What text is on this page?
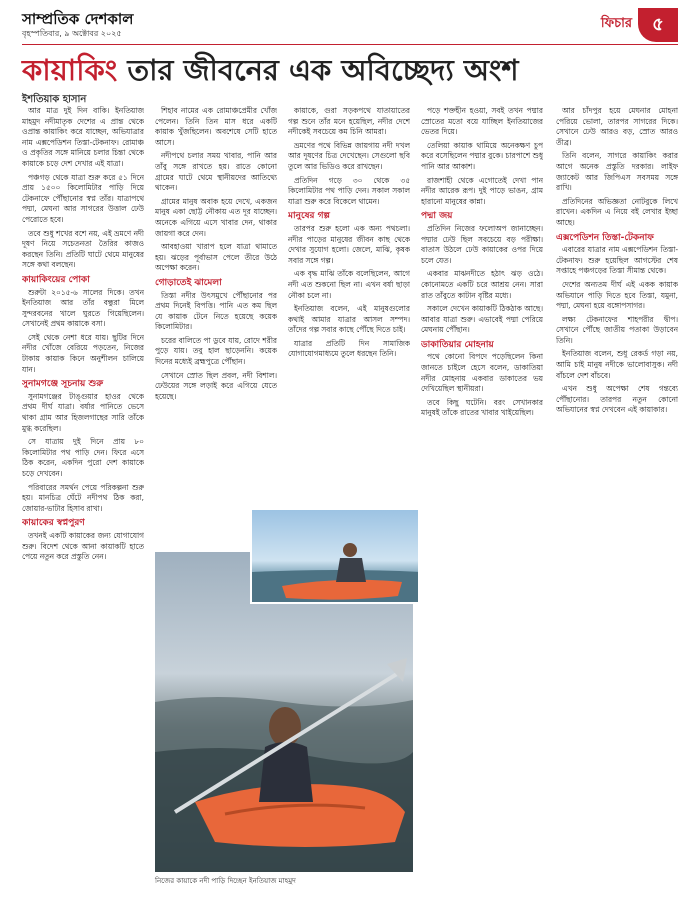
সাম্প্রতিক দেশকাল
বৃহস্পতিবার, ৯ অক্টোবর ২০২৫
ফিচার	৫
কায়াকিং তার জীবনের এক অবিচ্ছেদ্য অংশ
ইশতিয়াক হাসান

আর মাত্র দুই দিন বাকি। ইনতিয়াজ মাহমুদ নদীমাতৃক দেশের এ প্রান্ত থেকে ওপ্রান্ত কায়াকিং করে যাচ্ছেন, অভিযাত্রার নাম এক্সপেডিশন তিস্তা-টেকনাফ। রোমাঞ্চ ও প্রকৃতির সঙ্গে মানিয়ে চলার চিন্তা থেকে কায়াকে চড়ে দেশ দেখার এই যাত্রা।

পঞ্চগড় থেকে যাত্রা শুরু করে ৫১ দিনে প্রায় ১৫০০ কিলোমিটার পাড়ি দিয়ে টেকনাফে পৌঁছানোর স্বপ্ন তাঁর। যাত্রাপথে পদ্মা, মেঘনা আর সাগরের উত্তাল ঢেউ পেরোতে হবে।

তবে শুধু শখের বশে নয়, এই ভ্রমণে নদী দূষণ নিয়ে সচেতনতা তৈরির কাজও করছেন তিনি। প্রতিটি ঘাটে থেমে মানুষের সঙ্গে কথা বলছেন।

কায়াকিংয়ের পোকা

শুরুটা ২০১৫-৬ সালের দিকে। তখন ইনতিয়াজ আর তাঁর বন্ধুরা মিলে সুন্দরবনের খালে ঘুরতে গিয়েছিলেন। সেখানেই প্রথম কায়াকে বসা।

সেই থেকে নেশা ধরে যায়। ছুটির দিনে নদীর খোঁজে বেরিয়ে পড়তেন, নিজের টাকায় কায়াক কিনে অনুশীলন চালিয়ে যান।

সুনামগঞ্জে সূচনায় শুরু

সুনামগঞ্জের টাঙ্গুয়ার হাওর থেকে প্রথম দীর্ঘ যাত্রা। বর্ষার পানিতে ভেসে থাকা গ্রাম আর হিজলগাছের সারি তাঁকে মুগ্ধ করেছিল।

সে যাত্রায় দুই দিনে প্রায় ৮০ কিলোমিটার পথ পাড়ি দেন। ফিরে এসে ঠিক করেন, একদিন পুরো দেশ কায়াকে চড়ে দেখবেন।

পরিবারের সমর্থন পেয়ে পরিকল্পনা শুরু হয়। মানচিত্র ঘেঁটে নদীপথ ঠিক করা, জোয়ার-ভাটার হিসাব রাখা।

কায়াকের স্বপ্নপুরণ

তখনই একটি কায়াকের জন্য যোগাযোগ শুরু। বিদেশ থেকে আনা কায়াকটি হাতে পেয়ে নতুন করে প্রস্তুতি নেন।

শিহাব নামের এক রোমাঞ্চপ্রেমীর খোঁজ পেলেন। তিনি তিন মাস ধরে একটি কায়াক খুঁজছিলেন। অবশেষে সেটি হাতে আসে।

নদীপথে চলার সময় খাবার, পানি আর তাঁবু সঙ্গে রাখতে হয়। রাতে কোনো গ্রামের ঘাটে থেমে স্থানীয়দের আতিথ্যে থাকেন।

গ্রামের মানুষ অবাক হয়ে দেখে, একজন মানুষ একা ছোট্ট নৌকায় এত দূর যাচ্ছেন। অনেকে এগিয়ে এসে খাবার দেন, থাকার জায়গা করে দেন।

আবহাওয়া খারাপ হলে যাত্রা থামাতে হয়। ঝড়ের পূর্বাভাস পেলে তীরে উঠে অপেক্ষা করেন।

গোড়াতেই ঝামেলা

তিস্তা নদীর উৎসমুখে পৌঁছানোর পর প্রথম দিনেই বিপত্তি। পানি এত কম ছিল যে কায়াক টেনে নিতে হয়েছে কয়েক কিলোমিটার।

চরের বালিতে পা ডুবে যায়, রোদে শরীর পুড়ে যায়। তবু হাল ছাড়েননি। কয়েক দিনের মধ্যেই ব্রহ্মপুত্রে পৌঁছান।

সেখানে স্রোত ছিল প্রবল, নদী বিশাল। ঢেউয়ের সঙ্গে লড়াই করে এগিয়ে যেতে হয়েছে।

কায়াকে, গুরা সড়কপথে যাতায়াতের গল্প শুনে তাঁর মনে হয়েছিল, নদীর দেশে নদীকেই সবচেয়ে কম চিনি আমরা।

ভ্রমণের পথে বিভিন্ন জায়গায় নদী দখল আর দূষণের চিত্র দেখেছেন। সেগুলো ছবি তুলে আর ভিডিও করে রাখছেন।

প্রতিদিন গড়ে ৩০ থেকে ৩৫ কিলোমিটার পথ পাড়ি দেন। সকাল সকাল যাত্রা শুরু করে বিকেলে থামেন।

মানুষের গল্প

তারপর শুরু হলো এক অন্য পথচলা। নদীর পাড়ের মানুষের জীবন কাছ থেকে দেখার সুযোগ হলো। জেলে, মাঝি, কৃষক সবার সঙ্গে গল্প।

এক বৃদ্ধ মাঝি তাঁকে বলেছিলেন, আগে নদী এত শুকনো ছিল না। এখন বর্ষা ছাড়া নৌকা চলে না।

ইনতিয়াজ বলেন, এই মানুষগুলোর কথাই আমার যাত্রার আসল সম্পদ। তাঁদের গল্প সবার কাছে পৌঁছে দিতে চাই।

যাত্রার প্রতিটি দিন সামাজিক যোগাযোগমাধ্যমে তুলে ধরছেন তিনি।

পড়ে শক্তহীন হওয়া, সবই তখন পদ্মার স্রোতের মতো বয়ে যাচ্ছিল ইনতিয়াজের ভেতর দিয়ে।

তেলিয়া কায়াক থামিয়ে অনেকক্ষণ চুপ করে বসেছিলেন পদ্মার বুকে। চারপাশে শুধু পানি আর আকাশ।

রাজশাহী থেকে এগোতেই দেখা পান নদীর আরেক রূপ। দুই পাড়ে ভাঙন, গ্রাম হারানো মানুষের কান্না।

পদ্মা জয়

প্রতিদিন নিজের ফলোঅপ জানাচ্ছেন। পদ্মার ঢেউ ছিল সবচেয়ে বড় পরীক্ষা। বাতাস উঠলে ঢেউ কায়াকের ওপর দিয়ে চলে যেত।

একবার মাঝনদীতে হঠাৎ ঝড় ওঠে। কোনোমতে একটি চরে আশ্রয় নেন। সারা রাত তাঁবুতে কাটান বৃষ্টির মধ্যে।

সকালে দেখেন কায়াকটি ঠিকঠাক আছে। আবার যাত্রা শুরু। এভাবেই পদ্মা পেরিয়ে মেঘনায় পৌঁছান।

ডাকাতিয়ার মোহনায়

পথে কোনো বিপদে পড়েছিলেন কিনা জানতে চাইলে হেসে বলেন, ডাকাতিয়া নদীর মোহনায় একবার ডাকাতের ভয় দেখিয়েছিল স্থানীয়রা।

তবে কিছু ঘটেনি। বরং সেখানকার মানুষই তাঁকে রাতের খাবার খাইয়েছিল।

আর চাঁদপুর হয়ে মেঘনার মোহনা পেরিয়ে ভোলা, তারপর সাগরের দিকে। সেখানে ঢেউ আরও বড়, স্রোত আরও তীব্র।

তিনি বলেন, সাগরে কায়াকিং করার আগে অনেক প্রস্তুতি দরকার। লাইফ জ্যাকেট আর জিপিএস সবসময় সঙ্গে রাখি।

প্রতিদিনের অভিজ্ঞতা নোটবুকে লিখে রাখেন। একদিন এ নিয়ে বই লেখার ইচ্ছা আছে।

এক্সপেডিশন তিস্তা-টেকনাফ

এবারের যাত্রার নাম এক্সপেডিশন তিস্তা-টেকনাফ। শুরু হয়েছিল আগস্টের শেষ সপ্তাহে পঞ্চগড়ের তিস্তা সীমান্ত থেকে।

দেশের অন্যতম দীর্ঘ এই একক কায়াক অভিযানে পাড়ি দিতে হবে তিস্তা, যমুনা, পদ্মা, মেঘনা হয়ে বঙ্গোপসাগর।

লক্ষ্য টেকনাফের শাহপরীর দ্বীপ। সেখানে পৌঁছে জাতীয় পতাকা উড়াবেন তিনি।

ইনতিয়াজ বলেন, শুধু রেকর্ড গড়া নয়, আমি চাই মানুষ নদীকে ভালোবাসুক। নদী বাঁচলে দেশ বাঁচবে।

এখন শুধু অপেক্ষা শেষ গন্তব্যে পৌঁছানোর। তারপর নতুন কোনো অভিযানের স্বপ্ন দেখবেন এই কায়াকার।

নিজের কায়াকে নদী পাড়ি দিচ্ছেন ইনতিয়াজ মাহমুদ
